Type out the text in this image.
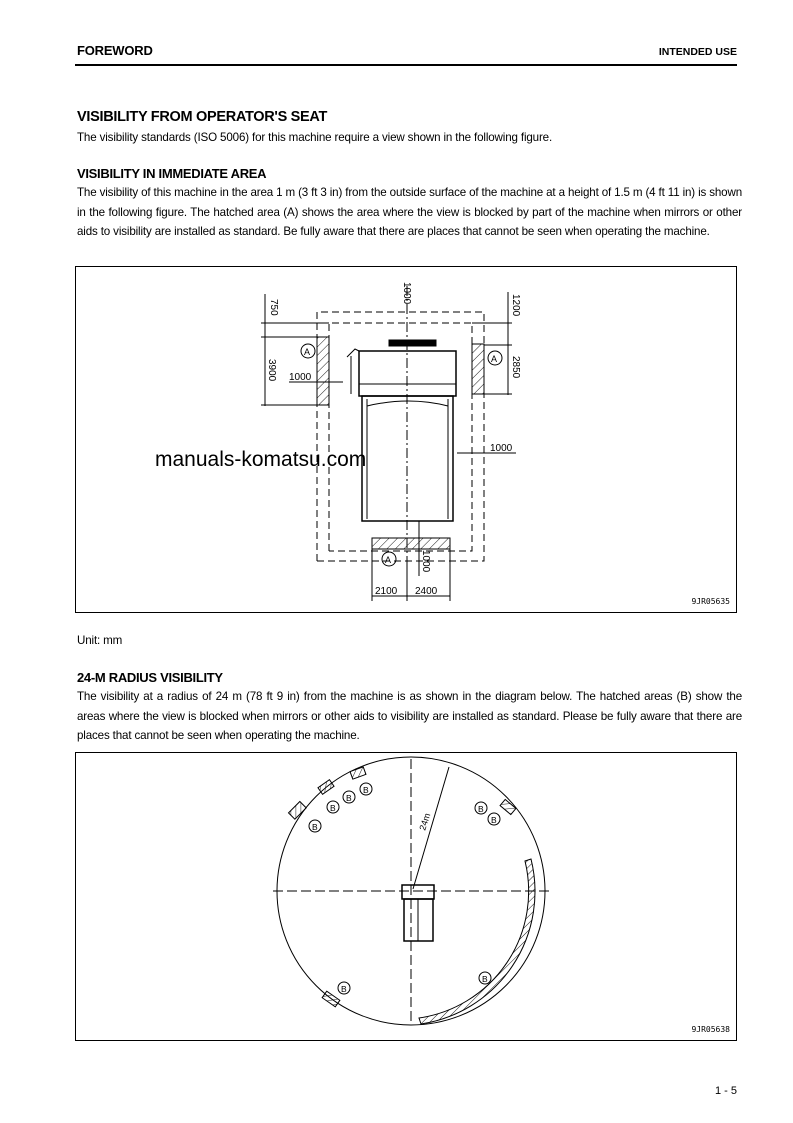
FOREWORD	INTENDED USE
VISIBILITY FROM OPERATOR'S SEAT

The visibility standards (ISO 5006) for this machine require a view shown in the following figure.

VISIBILITY IN IMMEDIATE AREA

The visibility of this machine in the area 1 m (3 ft 3 in) from the outside surface of the machine at a height of 1.5 m (4 ft 11 in) is shown in the following figure. The hatched area (A) shows the area where the view is blocked by part of the machine when mirrors or other aids to visibility are installed as standard. Be fully aware that there are places that cannot be seen when operating the machine.

750
1000
1200
3900 1000	2850
1000
1000
2100 2400
A
A
A
9JR05635
manuals-komatsu.com

Unit: mm

24-M RADIUS VISIBILITY

The visibility at a radius of 24 m (78 ft 9 in) from the machine is as shown in the diagram below. The hatched areas (B) show the areas where the view is blocked when mirrors or other aids to visibility are installed as standard. Please be fully aware that there are places that cannot be seen when operating the machine.

B
B
B
B
B
B
B
B
24m
9JR05638
1 - 5
